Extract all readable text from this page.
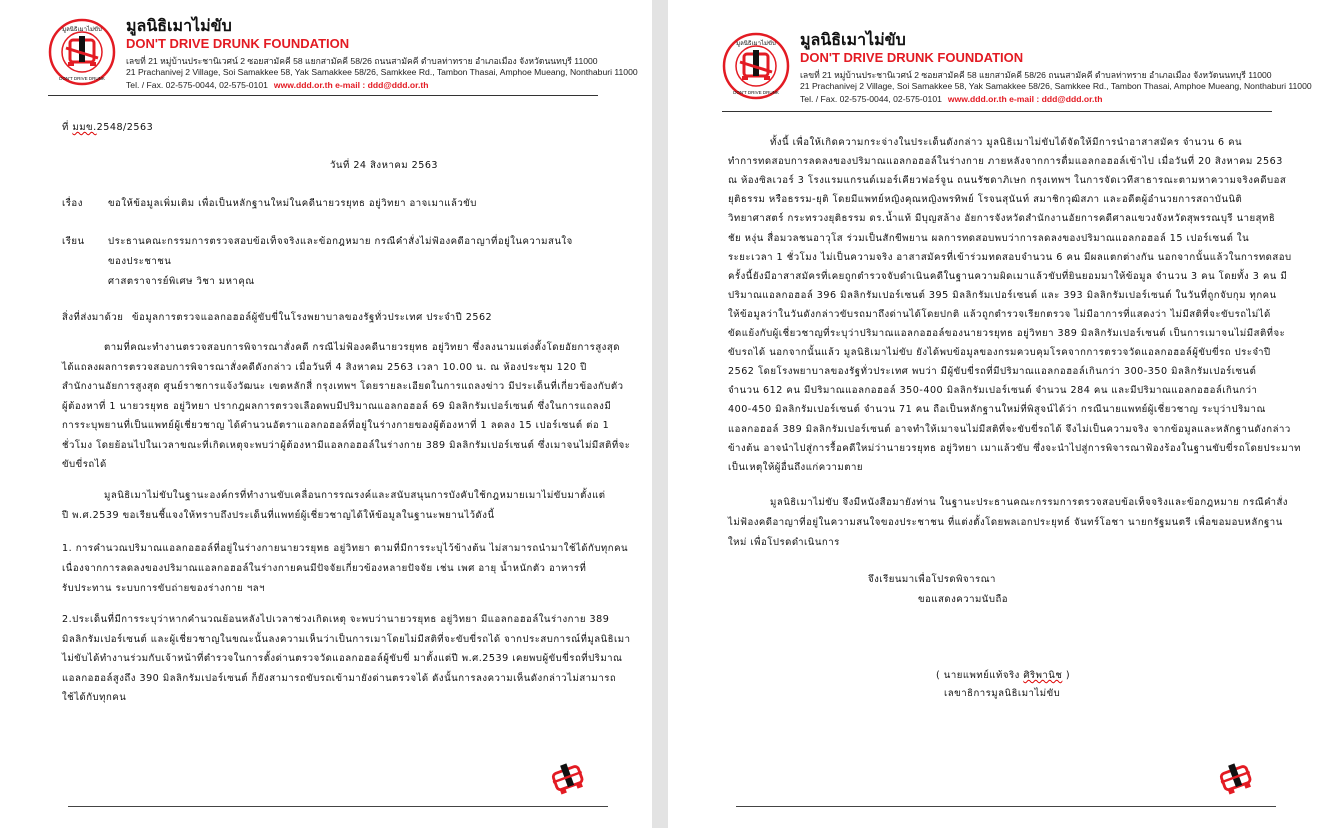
มูลนิธิเมาไม่ขับ
DON'T DRIVE DRUNK FOUNDATION
เลขที่ 21 หมู่บ้านประชานิเวศน์ 2 ซอยสามัคคี 58 แยกสามัคคี 58/26 ถนนสามัคคี ตำบลท่าทราย อำเภอเมือง จังหวัดนนทบุรี 11000
21 Prachanivej 2 Village, Soi Samakkee 58, Yak Samakkee 58/26, Samkkee Rd., Tambon Thasai, Amphoe Mueang, Nonthaburi 11000
Tel. / Fax. 02-575-0044, 02-575-0101 www.ddd.or.th e-mail : ddd@ddd.or.th
ที่ มมข.2548/2563
วันที่ 24 สิงหาคม 2563
เรื่อง	ขอให้ข้อมูลเพิ่มเติม เพื่อเป็นหลักฐานใหม่ในคดีนายวรยุทธ อยู่วิทยา อาจเมาแล้วขับ
เรียน
สิ่งที่ส่งมาด้วย ข้อมูลการตรวจแอลกอฮอล์ผู้ขับขี่ในโรงพยาบาลของรัฐทั่วประเทศ ประจำปี 2562
ประธานคณะกรรมการตรวจสอบข้อเท็จจริงและข้อกฎหมาย กรณีคำสั่งไม่ฟ้องคดีอาญาที่อยู่ในความสนใจ
ของประชาชน
ศาสตราจารย์พิเศษ วิชา มหาคุณ
ตามที่คณะทำงานตรวจสอบการพิจารณาสั่งคดี กรณีไม่ฟ้องคดีนายวรยุทธ อยู่วิทยา ซึ่งลงนามแต่งตั้งโดยอัยการสูงสุด
ได้แถลงผลการตรวจสอบการพิจารณาสั่งคดีดังกล่าว เมื่อวันที่ 4 สิงหาคม 2563 เวลา 10.00 น. ณ ห้องประชุม 120 ปี
สำนักงานอัยการสูงสุด ศูนย์ราชการแจ้งวัฒนะ เขตหลักสี่ กรุงเทพฯ โดยรายละเอียดในการแถลงข่าว มีประเด็นที่เกี่ยวข้องกับตัว
ผู้ต้องหาที่ 1 นายวรยุทธ อยู่วิทยา ปรากฎผลการตรวจเลือดพบมีปริมาณแอลกอฮอล์ 69 มิลลิกรัมเปอร์เซนต์ ซึ่งในการแถลงมี
การระบุพยานที่เป็นแพทย์ผู้เชี่ยวชาญ ได้คำนวนอัตราแอลกอฮอล์ที่อยู่ในร่างกายของผู้ต้องหาที่ 1 ลดลง 15 เปอร์เซนต์ ต่อ 1
ชั่วโมง โดยย้อนไปในเวลาขณะที่เกิดเหตุจะพบว่าผู้ต้องหามีแอลกอฮอล์ในร่างกาย 389 มิลลิกรัมเปอร์เซนต์ ซึ่งเมาจนไม่มีสติที่จะ
ขับขี่รถได้
มูลนิธิเมาไม่ขับในฐานะองค์กรที่ทำงานขับเคลื่อนการรณรงค์และสนับสนุนการบังคับใช้กฎหมายเมาไม่ขับมาตั้งแต่
ปี พ.ศ.2539 ขอเรียนชี้แจงให้ทราบถึงประเด็นที่แพทย์ผู้เชี่ยวชาญได้ให้ข้อมูลในฐานะพยานไว้ดังนี้
1. การคำนวณปริมาณแอลกอฮอล์ที่อยู่ในร่างกายนายวรยุทธ อยู่วิทยา ตามที่มีการระบุไว้ข้างต้น ไม่สามารถนำมาใช้ได้กับทุกคน
เนื่องจากการลดลงของปริมาณแอลกอฮอล์ในร่างกายคนมีปัจจัยเกี่ยวข้องหลายปัจจัย เช่น เพศ อายุ น้ำหนักตัว อาหารที่
รับประทาน ระบบการขับถ่ายของร่างกาย ฯลฯ
2.ประเด็นที่มีการระบุว่าหากคำนวณย้อนหลังไปเวลาช่วงเกิดเหตุ จะพบว่านายวรยุทธ อยู่วิทยา มีแอลกอฮอล์ในร่างกาย 389
มิลลิกรัมเปอร์เซนต์ และผู้เชี่ยวชาญในขณะนั้นลงความเห็นว่าเป็นการเมาโดยไม่มีสติที่จะขับขี่รถได้ จากประสบการณ์ที่มูลนิธิเมา
ไม่ขับได้ทำงานร่วมกับเจ้าหน้าที่ตำรวจในการตั้งด่านตรวจวัดแอลกอฮอล์ผู้ขับขี่ มาตั้งแต่ปี พ.ศ.2539 เคยพบผู้ขับขี่รถที่ปริมาณ
แอลกอฮอล์สูงถึง 390 มิลลิกรัมเปอร์เซนต์ ก็ยังสามารถขับรถเข้ามายังด่านตรวจได้ ดังนั้นการลงความเห็นดังกล่าวไม่สามารถ
ใช้ได้กับทุกคน
มูลนิธิเมาไม่ขับ
DON'T DRIVE DRUNK FOUNDATION
เลขที่ 21 หมู่บ้านประชานิเวศน์ 2 ซอยสามัคคี 58 แยกสามัคคี 58/26 ถนนสามัคคี ตำบลท่าทราย อำเภอเมือง จังหวัดนนทบุรี 11000
21 Prachanivej 2 Village, Soi Samakkee 58, Yak Samakkee 58/26, Samkkee Rd., Tambon Thasai, Amphoe Mueang, Nonthaburi 11000
Tel. / Fax. 02-575-0044, 02-575-0101 www.ddd.or.th e-mail : ddd@ddd.or.th
จึงเรียนมาเพื่อโปรดพิจารณา
ขอแสดงความนับถือ
( นายแพทย์แท้จริง ศิริพานิช )
เลขาธิการมูลนิธิเมาไม่ขับ
ทั้งนี้ เพื่อให้เกิดความกระจ่างในประเด็นดังกล่าว มูลนิธิเมาไม่ขับได้จัดให้มีการนำอาสาสมัคร จำนวน 6 คน
ทำการทดสอบการลดลงของปริมาณแอลกอฮอล์ในร่างกาย ภายหลังจากการดื่มแอลกอฮอล์เข้าไป เมื่อวันที่ 20 สิงหาคม 2563
ณ ห้องซิลเวอร์ 3 โรงแรมแกรนด์เมอร์เคียวฟอร์จูน ถนนรัชดาภิเษก กรุงเทพฯ ในการจัดเวทีสาธารณะตามหาความจริงคดีบอส
ยุติธรรม หรือธรรม-ยุติ โดยมีแพทย์หญิงคุณหญิงพรทิพย์ โรจนสุนันท์ สมาชิกวุฒิสภา และอดีตผู้อำนวยการสถาบันนิติ
วิทยาศาสตร์ กระทรวงยุติธรรม ดร.น้ำแท้ มีบุญสล้าง อัยการจังหวัดสำนักงานอัยการคดีศาลแขวงจังหวัดสุพรรณบุรี นายสุทธิ
ชัย หงุ่น สื่อมวลชนอาวุโส ร่วมเป็นสักขีพยาน ผลการทดสอบพบว่าการลดลงของปริมาณแอลกอฮอล์ 15 เปอร์เซนต์ ใน
ระยะเวลา 1 ชั่วโมง ไม่เป็นความจริง อาสาสมัครที่เข้าร่วมทดสอบจำนวน 6 คน มีผลแตกต่างกัน นอกจากนั้นแล้วในการทดสอบ
ครั้งนี้ยังมีอาสาสมัครที่เคยถูกตำรวจจับดำเนินคดีในฐานความผิดเมาแล้วขับที่ยินยอมมาให้ข้อมูล จำนวน 3 คน โดยทั้ง 3 คน มี
ปริมาณแอลกอฮอล์ 396 มิลลิกรัมเปอร์เซนต์ 395 มิลลิกรัมเปอร์เซนต์ และ 393 มิลลิกรัมเปอร์เซนต์ ในวันที่ถูกจับกุม ทุกคน
ให้ข้อมูลว่าในวันดังกล่าวขับรถมาถึงด่านได้โดยปกติ แล้วถูกตำรวจเรียกตรวจ ไม่มีอาการที่แสดงว่า ไม่มีสติที่จะขับรถไม่ได้
ขัดแย้งกับผู้เชี่ยวชาญที่ระบุว่าปริมาณแอลกอฮอล์ของนายวรยุทธ อยู่วิทยา 389 มิลลิกรัมเปอร์เซนต์ เป็นการเมาจนไม่มีสติที่จะ
ขับรถได้ นอกจากนั้นแล้ว มูลนิธิเมาไม่ขับ ยังได้พบข้อมูลของกรมควบคุมโรคจากการตรวจวัดแอลกอฮอล์ผู้ขับขี่รถ ประจำปี
2562 โดยโรงพยาบาลของรัฐทั่วประเทศ พบว่า มีผู้ขับขี่รถที่มีปริมาณแอลกอฮอล์เกินกว่า 300-350 มิลลิกรัมเปอร์เซนต์
จำนวน 612 คน มีปริมาณแอลกอฮอล์ 350-400 มิลลิกรัมเปอร์เซนต์ จำนวน 284 คน และมีปริมาณแอลกอฮอล์เกินกว่า
400-450 มิลลิกรัมเปอร์เซนต์ จำนวน 71 คน ถือเป็นหลักฐานใหม่ที่พิสูจน์ได้ว่า กรณีนายแพทย์ผู้เชี่ยวชาญ ระบุว่าปริมาณ
แอลกอฮอล์ 389 มิลลิกรัมเปอร์เซนต์ อาจทำให้เมาจนไม่มีสติที่จะขับขี่รถได้ จึงไม่เป็นความจริง จากข้อมูลและหลักฐานดังกล่าว
ข้างต้น อาจนำไปสู่การรื้อคดีใหม่ว่านายวรยุทธ อยู่วิทยา เมาแล้วขับ ซึ่งจะนำไปสู่การพิจารณาฟ้องร้องในฐานขับขี่รถโดยประมาท
เป็นเหตุให้ผู้อื่นถึงแก่ความตาย
มูลนิธิเมาไม่ขับ จึงมีหนังสือมายังท่าน ในฐานะประธานคณะกรรมการตรวจสอบข้อเท็จจริงและข้อกฎหมาย กรณีคำสั่ง
ไม่ฟ้องคดีอาญาที่อยู่ในความสนใจของประชาชน ที่แต่งตั้งโดยพลเอกประยุทธ์ จันทร์โอชา นายกรัฐมนตรี เพื่อขอมอบหลักฐาน
ใหม่ เพื่อโปรดดำเนินการ
